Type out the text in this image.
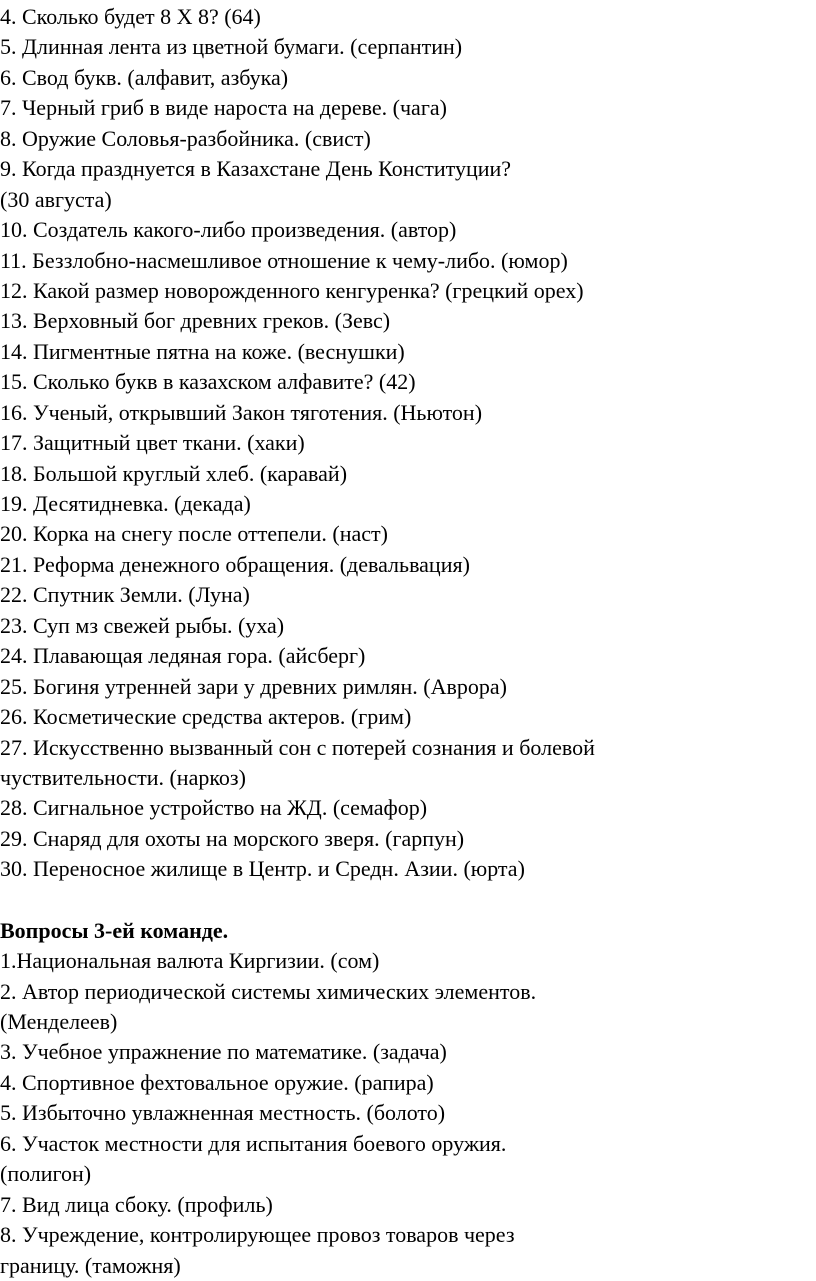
4. Сколько будет 8 Х 8? (64)
5. Длинная лента из цветной бумаги. (серпантин)
6. Свод букв. (алфавит, азбука)
7. Черный гриб в виде нароста на дереве. (чага)
8. Оружие Соловья-разбойника. (свист)
9. Когда празднуется в Казахстане День Конституции?
(30 августа)
10. Создатель какого-либо произведения. (автор)
11. Беззлобно-насмешливое отношение к чему-либо. (юмор)
12. Какой размер новорожденного кенгуренка? (грецкий орех)
13. Верховный бог древних греков. (Зевс)
14. Пигментные пятна на коже. (веснушки)
15. Сколько букв в казахском алфавите? (42)
16. Ученый, открывший Закон тяготения. (Ньютон)
17. Защитный цвет ткани. (хаки)
18. Большой круглый хлеб. (каравай)
19. Десятидневка. (декада)
20. Корка на снегу после оттепели. (наст)
21. Реформа денежного обращения. (девальвация)
22. Спутник Земли. (Луна)
23. Суп мз свежей рыбы. (уха)
24. Плавающая ледяная гора. (айсберг)
25. Богиня утренней зари у древних римлян. (Аврора)
26. Косметические средства актеров. (грим)
27. Искусственно вызванный сон с потерей сознания и болевой
чуствительности. (наркоз)
28. Сигнальное устройство на ЖД. (семафор)
29. Снаряд для охоты на морского зверя. (гарпун)
30. Переносное жилище в Центр. и Средн. Азии. (юрта)
Вопросы 3-ей команде.
1.Национальная валюта Киргизии. (сом)
2. Автор периодической системы химических элементов.
(Менделеев)
3. Учебное упражнение по математике. (задача)
4. Спортивное фехтовальное оружие. (рапира)
5. Избыточно увлажненная местность. (болото)
6. Участок местности для испытания боевого оружия.
(полигон)
7. Вид лица сбоку. (профиль)
8. Учреждение, контролирующее провоз товаров через
границу. (таможня)
